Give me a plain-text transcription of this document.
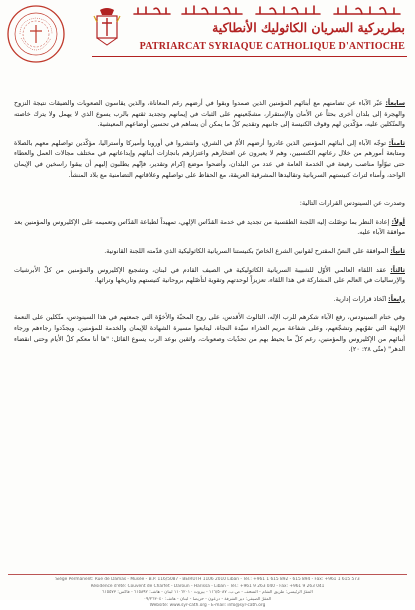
بطريركية السريان الكاثوليك الأنطاكية
PATRIARCAT SYRIAQUE CATHOLIQUE D'ANTIOCHE

سابعاً: عبّر الآباء عن تضامنهم مع أبنائهم المؤمنين الذين صمدوا وبقوا في أرضهم رغم المعاناة، والذين يقاسون الصعوبات والضيقات نتيجة النزوح والهجرة إلى بلدان أخرى بحثاً عن الأمان والإستقرار، مشجّعينهم على الثبات في إيمانهم وتجديد ثقتهم بالرب يسوع الذي لا يهمل ولا يترك خاصته والمتّكلين عليه، مؤكّدين لهم وقوف الكنيسة إلى جانبهم وتقديم كلّ ما يمكن أن يساهم في تحسين أوضاعهم المعيشية.

ثامناً: توجّه الآباء إلى أبنائهم المؤمنين الذين غادروا أرضهم الأمّ في الشرق، وانتشروا في أوروبا وأميركا وأستراليا، مؤكّدين تواصلهم معهم بالصلاة ومتابعة أمورهم من خلال رعاتهم الكنسيين، وهم لا يعبرون عن افتخارهم واعتزازهم بانجازات أبنائهم وإبداعاتهم في مختلف مجالات العمل والعطاء حتى تبوّأوا مناصب رفيعة في الخدمة العامة في عدد من البلدان، وأضحوا موضع إكرام وتقدير، فإنّهم يطلبون إليهم أن يبقوا راسخين في الإيمان الواحد، وأمناء لتراث كنيستهم السريانية وتقاليدها المشرقية العريقة، مع الحفاظ على تواصلهم وعلاقاتهم التضامنية مع بلاد المنشأ.

وصدرت عن السينودس القرارات التالية:

أولاً: إعادة النظر بما توصّلت إليه اللجنة الطقسية من تجديد في خدمة القدّاس الإلهي، تمهيداً لطباعة القدّاس وتعميمه على الإكليروس والمؤمنين بعد موافقة الآباء عليه.

ثانياً: الموافقة على النصّ المقترح لقوانين الشرع الخاصّ بكنيستنا السريانية الكاثوليكية الذي قدّمته اللجنة القانونية.

ثالثاً: عقد اللقاء العالمي الأوّل للشبيبة السريانية الكاثوليكية في الصيف القادم في لبنان، وتشجيع الإكليروس والمؤمنين من كلّ الأبرشيات والإرساليات في العالم على المشاركة في هذا اللقاء، تعزيزاً لوحدتهم وتقوية لتأصّلهم بروحانية كنيستهم وتاريخها وتراثها.

رابعاً: اتّخاذ قرارات إدارية.

وفي ختام السينودس، رفع الآباء شكرهم للرب الإله، الثالوث الأقدس، على روح المحبّة والأخوّة التي جمعتهم في هذا السينودس، متّكلين على النعمة الإلهية التي تقوّيهم وتشجّعهم، وعلى شفاعة مريم العذراء سيّدة النجاة، ليتابعوا مسيرة الشهادة للإيمان والخدمة للمؤمنين، ويجدّدوا رجاءهم ورجاء أبنائهم من الإكليروس والمؤمنين، رغم كلّ ما يحيط بهم من تحدّيات وصعوبات، واثقين بوعد الرب يسوع القائل: "ها أنا معكم كلّ الأيام وحتى انقضاء الدهر" (متّى ٢٨: ٢٠).

Siège Permanent: Rue de Damas - Musée - B.P. 116/5087 - BEIRUTH 1106 2010 Liban - Tél.: +961 1 615 892 - 615 894 - Fax: +961 1 615 573
Résidence d'été: Couvent de Charfet - Daroun - Harissa - Liban - Tél.: +961 9 263 040 - Fax: +961 9 263 041
المقرّ الرئيسي: طريق الشام - المتحف - ص.ب. ١١٦/٥٠٨٧ - بيروت ١١٠٦٢٠١٠ لبنان - هاتف: ٦١٥٨٩٢ - فاكس: ٦١٥٥٧٣
المقرّ الصيفي: دير الشرفة - درعون - حريصا - لبنان - هاتف: ٠٩/٢٦٣٠٤٠
Website: www.syr-cath.org - E-mail: info@syr-cath.org
